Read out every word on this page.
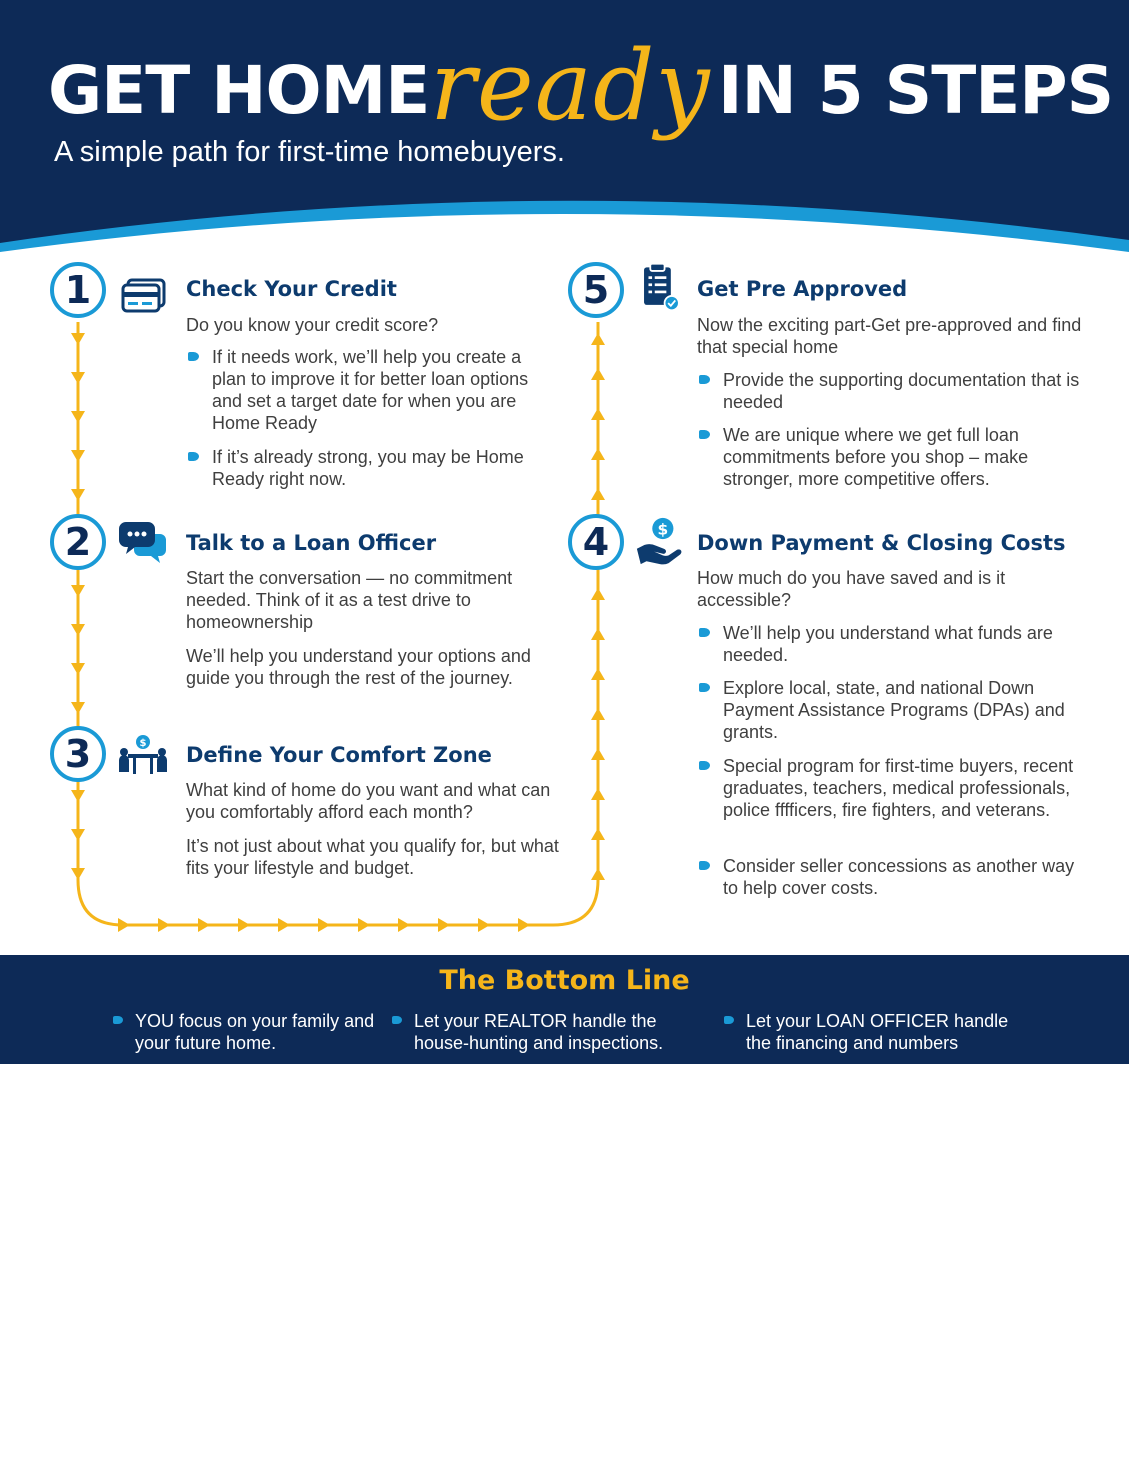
GET HOME ready IN 5 STEPS
A simple path for first-time homebuyers.
1	Check Your Credit
Do you know your credit score?
If it needs work, we’ll help you create a plan to improve it for better loan options and set a target date for when you are Home Ready
If it’s already strong, you may be Home Ready right now.
2	Talk to a Loan Officer
Start the conversation — no commitment needed. Think of it as a test drive to homeownership
We’ll help you understand your options and guide you through the rest of the journey.
3	$ Define Your Comfort Zone
What kind of home do you want and what can you comfortably afford each month?
It’s not just about what you qualify for, but what fits your lifestyle and budget.
5	Get Pre Approved
Now the exciting part-Get pre-approved and find that special home
Provide the supporting documentation that is needed
We are unique where we get full loan commitments before you shop – make stronger, more competitive offers.
4	$
Down Payment & Closing Costs
How much do you have saved and is it accessible?
We’ll help you understand what funds are needed.
Explore local, state, and national Down Payment Assistance Programs (DPAs) and grants.
Special program for first-time buyers, recent graduates, teachers, medical professionals, police fffficers, fire fighters, and veterans.
Consider seller concessions as another way to help cover costs.
The Bottom Line
YOU focus on your family and your future home.
Let your REALTOR handle the house-hunting and inspections.
Let your LOAN OFFICER handle the financing and numbers
